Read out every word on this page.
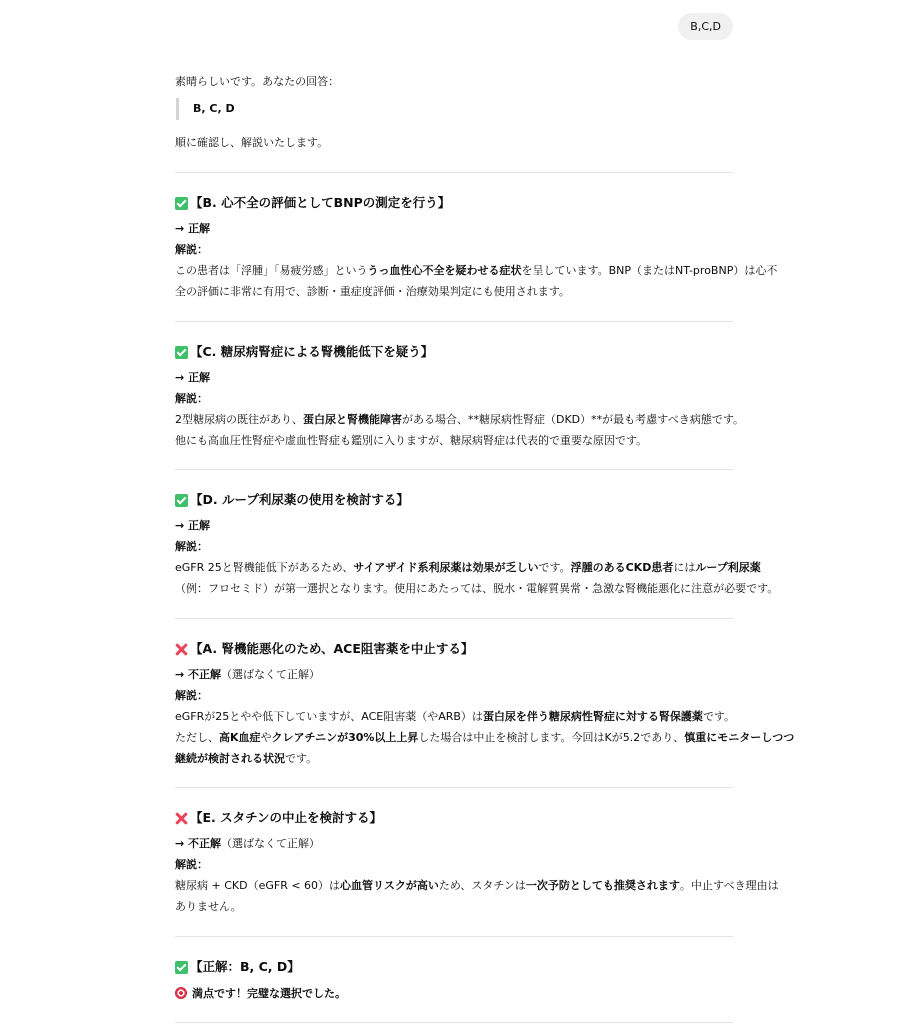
B,C,D
素晴らしいです。あなたの回答：
B, C, D
順に確認し、解説いたします。
【B. 心不全の評価としてBNPの測定を行う】
→ 正解
解説：
この患者は「浮腫」「易疲労感」といううっ血性心不全を疑わせる症状を呈しています。BNP（またはNT-proBNP）は心不
全の評価に非常に有用で、診断・重症度評価・治療効果判定にも使用されます。
【C. 糖尿病腎症による腎機能低下を疑う】
→ 正解
解説：
2型糖尿病の既往があり、蛋白尿と腎機能障害がある場合、**糖尿病性腎症（DKD）**が最も考慮すべき病態です。
他にも高血圧性腎症や虚血性腎症も鑑別に入りますが、糖尿病腎症は代表的で重要な原因です。
【D. ループ利尿薬の使用を検討する】
→ 正解
解説：
eGFR 25と腎機能低下があるため、サイアザイド系利尿薬は効果が乏しいです。浮腫のあるCKD患者にはループ利尿薬
（例：フロセミド）が第一選択となります。使用にあたっては、脱水・電解質異常・急激な腎機能悪化に注意が必要です。
【A. 腎機能悪化のため、ACE阻害薬を中止する】
→ 不正解（選ばなくて正解）
解説：
eGFRが25とやや低下していますが、ACE阻害薬（やARB）は蛋白尿を伴う糖尿病性腎症に対する腎保護薬です。
ただし、高K血症やクレアチニンが30%以上上昇した場合は中止を検討します。今回はKが5.2であり、慎重にモニターしつつ
継続が検討される状況です。
【E. スタチンの中止を検討する】
→ 不正解（選ばなくて正解）
解説：
糖尿病 + CKD（eGFR < 60）は心血管リスクが高いため、スタチンは一次予防としても推奨されます。中止すべき理由は
ありません。
【正解：B, C, D】
満点です！完璧な選択でした。
